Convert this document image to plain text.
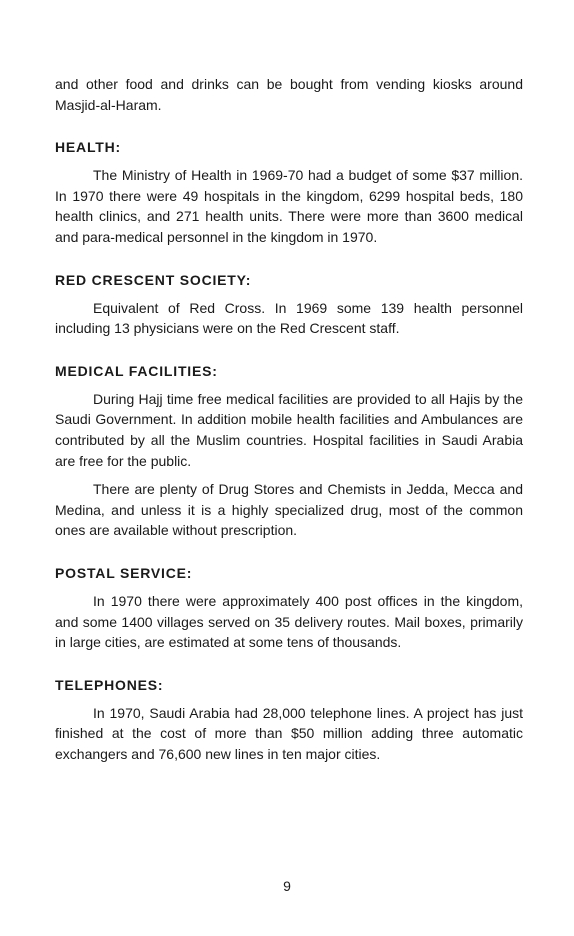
and other food and drinks can be bought from vending kiosks around Masjid-al-Haram.

HEALTH:

The Ministry of Health in 1969-70 had a budget of some $37 million. In 1970 there were 49 hospitals in the kingdom, 6299 hospital beds, 180 health clinics, and 271 health units. There were more than 3600 medical and para-medical personnel in the kingdom in 1970.

RED CRESCENT SOCIETY:

Equivalent of Red Cross. In 1969 some 139 health personnel including 13 physicians were on the Red Crescent staff.

MEDICAL FACILITIES:

During Hajj time free medical facilities are provided to all Hajis by the Saudi Government. In addition mobile health facilities and Ambulances are contributed by all the Muslim countries. Hospital facilities in Saudi Arabia are free for the public.

There are plenty of Drug Stores and Chemists in Jedda, Mecca and Medina, and unless it is a highly specialized drug, most of the common ones are available without prescription.

POSTAL SERVICE:

In 1970 there were approximately 400 post offices in the kingdom, and some 1400 villages served on 35 delivery routes. Mail boxes, primarily in large cities, are estimated at some tens of thousands.

TELEPHONES:

In 1970, Saudi Arabia had 28,000 telephone lines. A project has just finished at the cost of more than $50 million adding three automatic exchangers and 76,600 new lines in ten major cities.

9
